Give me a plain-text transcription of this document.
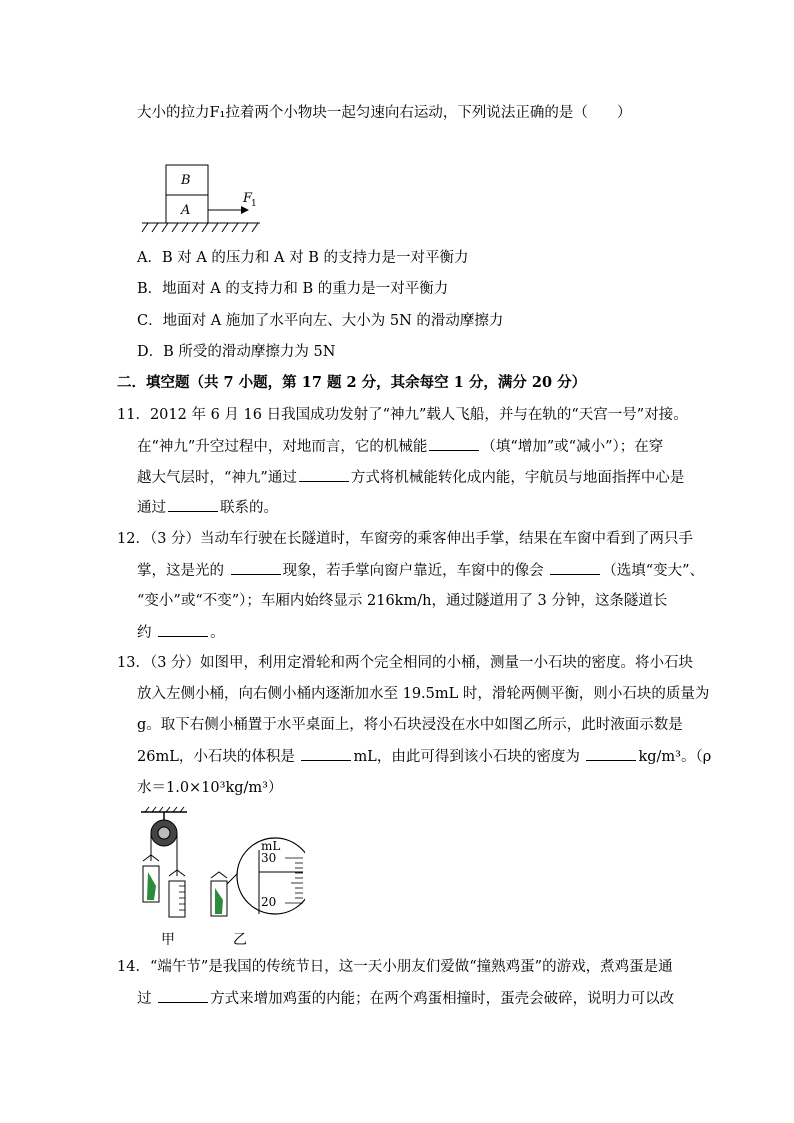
大小的拉力F₁拉着两个小物块一起匀速向右运动，下列说法正确的是（　　）
B
A
F
1
A．B 对 A 的压力和 A 对 B 的支持力是一对平衡力
B．地面对 A 的支持力和 B 的重力是一对平衡力
C．地面对 A 施加了水平向左、大小为 5N 的滑动摩擦力
D．B 所受的滑动摩擦力为 5N
二．填空题（共 7 小题，第 17 题 2 分，其余每空 1 分，满分 20 分）
11．2012 年 6 月 16 日我国成功发射了“神九”载人飞船，并与在轨的“天宫一号”对接。
在“神九”升空过程中，对地而言，它的机械能	（填“增加”或“减小”）；在穿
越大气层时，“神九”通过	方式将机械能转化成内能，宇航员与地面指挥中心是
通过	联系的。
12．（3 分）当动车行驶在长隧道时，车窗旁的乘客伸出手掌，结果在车窗中看到了两只手
掌，这是光的	现象，若手掌向窗户靠近，车窗中的像会	（选填“变大”、
“变小”或“不变”）；车厢内始终显示 216km/h，通过隧道用了 3 分钟，这条隧道长
约	。
13．（3 分）如图甲，利用定滑轮和两个完全相同的小桶，测量一小石块的密度。将小石块
放入左侧小桶，向右侧小桶内逐渐加水至 19.5mL 时，滑轮两侧平衡，则小石块的质量为
g。取下右侧小桶置于水平桌面上，将小石块浸没在水中如图乙所示，此时液面示数是
26mL，小石块的体积是	mL，由此可得到该小石块的密度为	kg/m³。（ρ
水＝1.0×10³kg/m³）
mL
30
20
甲	乙
14．“端午节”是我国的传统节日，这一天小朋友们爱做“撞熟鸡蛋”的游戏，煮鸡蛋是通
过	方式来增加鸡蛋的内能；在两个鸡蛋相撞时，蛋壳会破碎，说明力可以改
